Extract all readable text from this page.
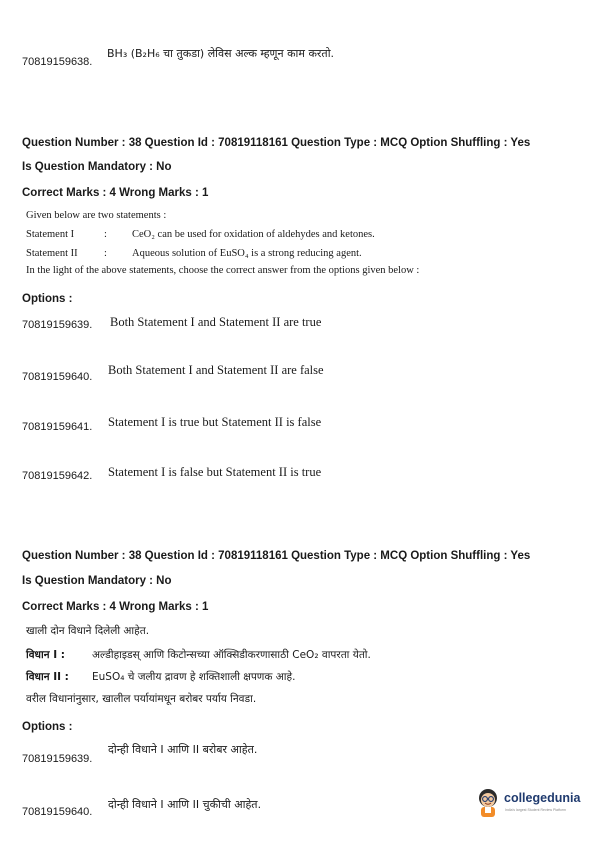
70819159638.
BH₃ (B₂H₆ चा तुकडा) लेविस अल्क म्हणून काम करतो.
Question Number : 38 Question Id : 70819118161 Question Type : MCQ Option Shuffling : Yes
Is Question Mandatory : No
Correct Marks : 4 Wrong Marks : 1
Given below are two statements :
Statement I	: CeO₂ can be used for oxidation of aldehydes and ketones.
Statement II	: Aqueous solution of EuSO₄ is a strong reducing agent.
In the light of the above statements, choose the correct answer from the options given below :
Options :
70819159639. Both Statement I and Statement II are true
70819159640. Both Statement I and Statement II are false
70819159641. Statement I is true but Statement II is false
70819159642. Statement I is false but Statement II is true
Question Number : 38 Question Id : 70819118161 Question Type : MCQ Option Shuffling : Yes
Is Question Mandatory : No
Correct Marks : 4 Wrong Marks : 1
खाली दोन विधाने दिलेली आहेत.
विधान I :	अल्डीहाइडस् आणि किटोन्सच्या ऑक्सिडीकरणासाठी CeO₂ वापरता येतो.
विधान II : EuSO₄ चे जलीय द्रावण हे शक्तिशाली क्षपणक आहे.
वरील विधानांनुसार, खालील पर्यायांमधून बरोबर पर्याय निवडा.
Options :
70819159639.
दोन्ही विधाने I आणि II बरोबर आहेत.
70819159640.
दोन्ही विधाने I आणि II चुकीची आहेत.	collegedunia
India's largest Student Review Platform
